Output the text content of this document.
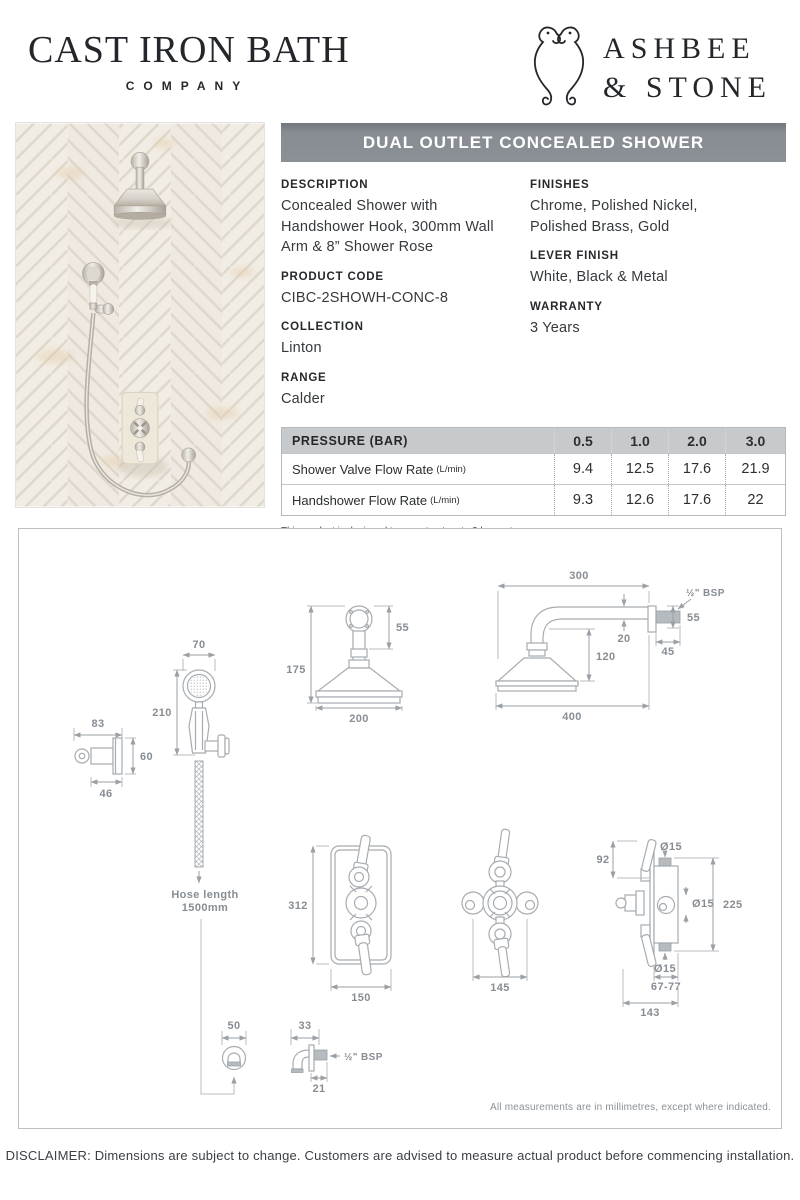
CAST IRON BATH
COMPANY
ASHBEE
& STONE
DUAL OUTLET CONCEALED SHOWER
DESCRIPTION
Concealed Shower with Handshower Hook, 300mm Wall Arm & 8” Shower Rose
PRODUCT CODE
CIBC-2SHOWH-CONC-8
COLLECTION
Linton
RANGE
Calder
FINISHES
Chrome, Polished Nickel, Polished Brass, Gold
LEVER FINISH
White, Black & Metal
WARRANTY
3 Years
PRESSURE (BAR)	0.5	1.0	2.0	3.0
Shower Valve Flow Rate (L/min)	9.4	12.5	17.6	21.9
Handshower Flow Rate (L/min)	9.3	12.6	17.6	22
83
60
46
70
210
Hose length
1500mm
55
175
200
300
½" BSP
55
20
45
120
400
312
150
145
92
Ø15
Ø15 225
Ø15
67-77
143
50	33
21
½" BSP
All measurements are in millimetres, except where indicated.
DISCLAIMER: Dimensions are subject to change. Customers are advised to measure actual product before commencing installation.
